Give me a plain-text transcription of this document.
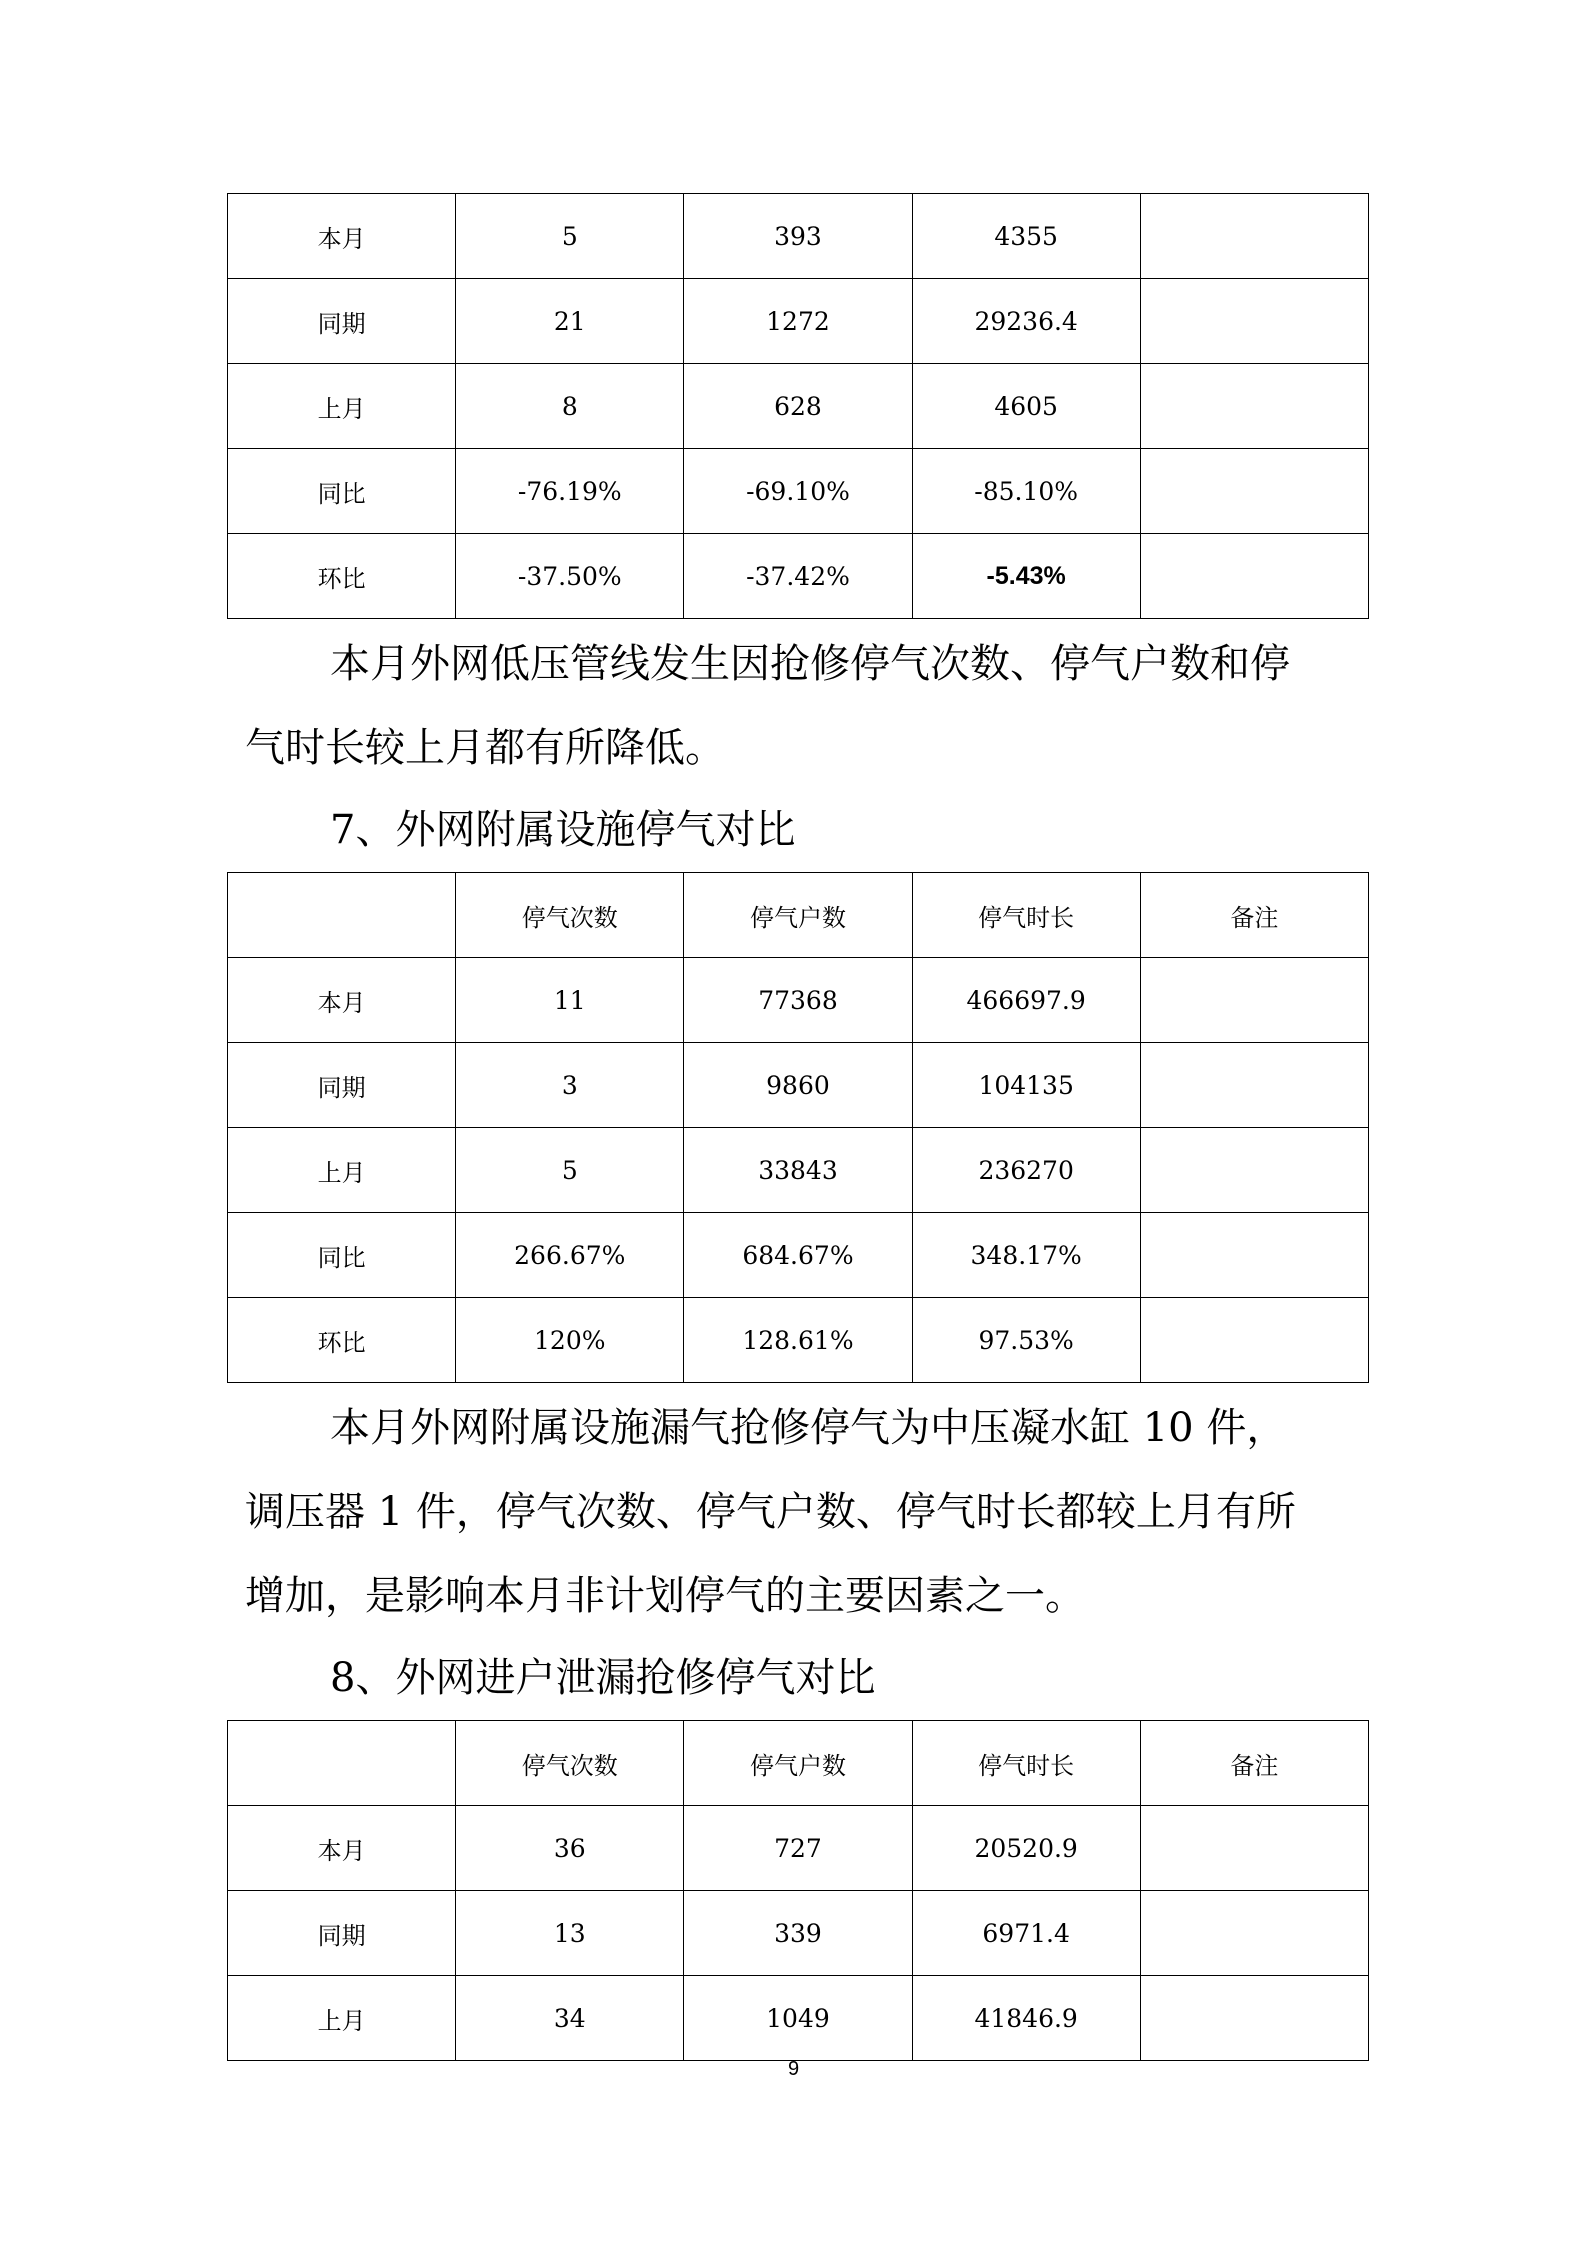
本月	5	393	4355	
同期	21	1272	29236.4	
上月	8	628	4605	
同比	-76.19%	-69.10%	-85.10%	
环比	-37.50%	-37.42%	-5.43%	
本月外网低压管线发生因抢修停气次数、停气户数和停
气时长较上月都有所降低。
7、外网附属设施停气对比
	停气次数	停气户数	停气时长	备注
本月	11	77368	466697.9	
同期	3	9860	104135	
上月	5	33843	236270	
同比	266.67%	684.67%	348.17%	
环比	120%	128.61%	97.53%	
本月外网附属设施漏气抢修停气为中压凝水缸 10 件，
调压器 1 件，停气次数、停气户数、停气时长都较上月有所
增加，是影响本月非计划停气的主要因素之一。
8、外网进户泄漏抢修停气对比
	停气次数	停气户数	停气时长	备注
本月	36	727	20520.9	
同期	13	339	6971.4	
上月	34	1049	41846.9	
9
